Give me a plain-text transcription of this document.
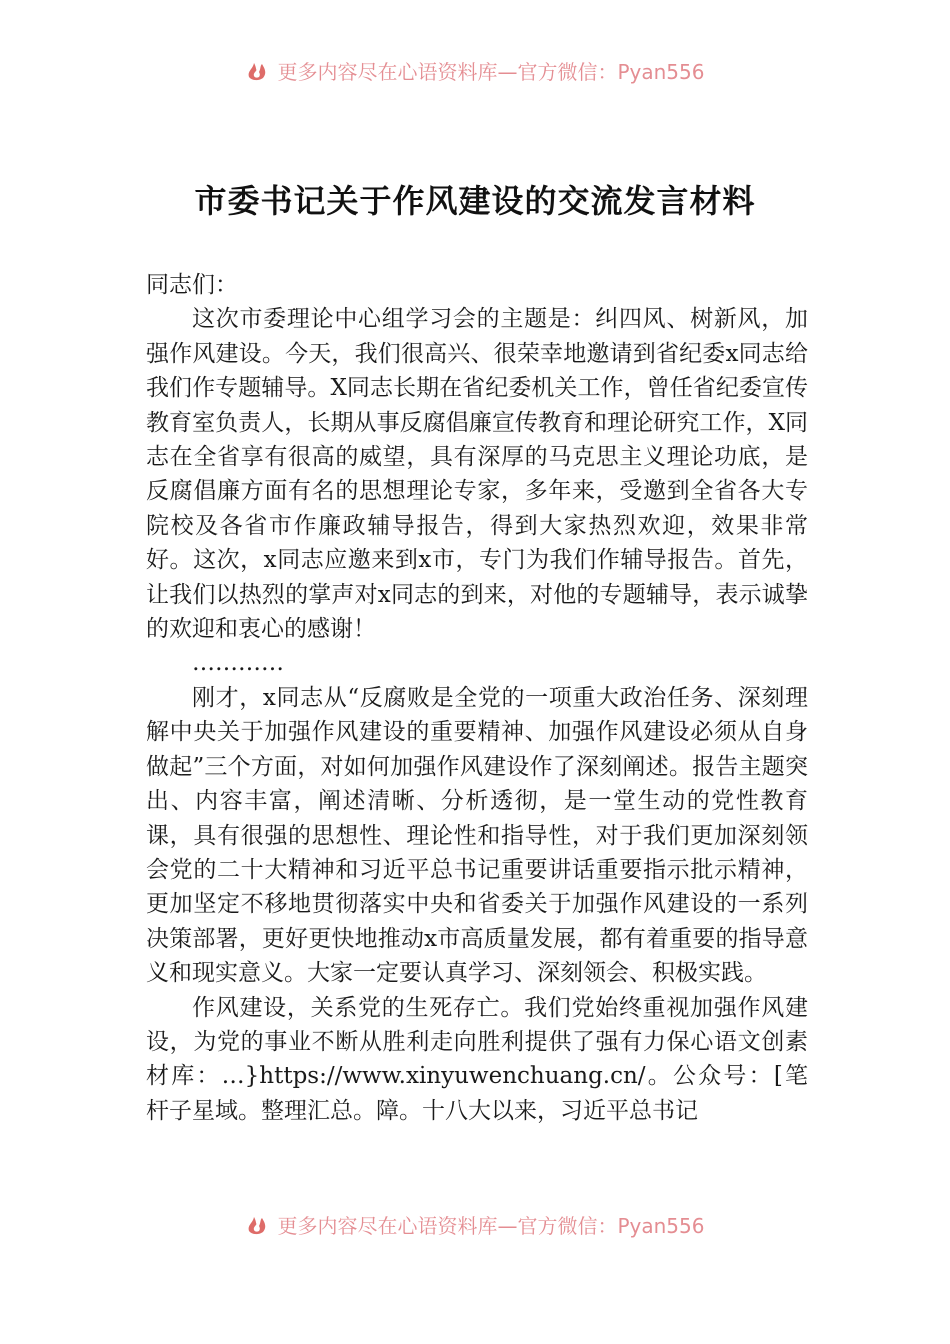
更多内容尽在心语资料库—官方微信：Pyan556
市委书记关于作风建设的交流发言材料

同志们：

这次市委理论中心组学习会的主题是：纠四风、树新风，加强作风建设。今天，我们很高兴、很荣幸地邀请到省纪委x同志给我们作专题辅导。X同志长期在省纪委机关工作，曾任省纪委宣传教育室负责人，长期从事反腐倡廉宣传教育和理论研究工作，X同志在全省享有很高的威望，具有深厚的马克思主义理论功底，是反腐倡廉方面有名的思想理论专家，多年来，受邀到全省各大专院校及各省市作廉政辅导报告，得到大家热烈欢迎，效果非常好。这次，x同志应邀来到x市，专门为我们作辅导报告。首先，让我们以热烈的掌声对x同志的到来，对他的专题辅导，表示诚挚的欢迎和衷心的感谢！

…………

刚才，x同志从“反腐败是全党的一项重大政治任务、深刻理解中央关于加强作风建设的重要精神、加强作风建设必须从自身做起”三个方面，对如何加强作风建设作了深刻阐述。报告主题突出、内容丰富，阐述清晰、分析透彻，是一堂生动的党性教育课，具有很强的思想性、理论性和指导性，对于我们更加深刻领会党的二十大精神和习近平总书记重要讲话重要指示批示精神，更加坚定不移地贯彻落实中央和省委关于加强作风建设的一系列决策部署，更好更快地推动x市高质量发展，都有着重要的指导意义和现实意义。大家一定要认真学习、深刻领会、积极实践。

作风建设，关系党的生死存亡。我们党始终重视加强作风建设，为党的事业不断从胜利走向胜利提供了强有力保心语文创素材库：…}https://www.xinyuwenchuang.cn/。公众号：[笔杆子星域。整理汇总。障。十八大以来，习近平总书记

更多内容尽在心语资料库—官方微信：Pyan556
